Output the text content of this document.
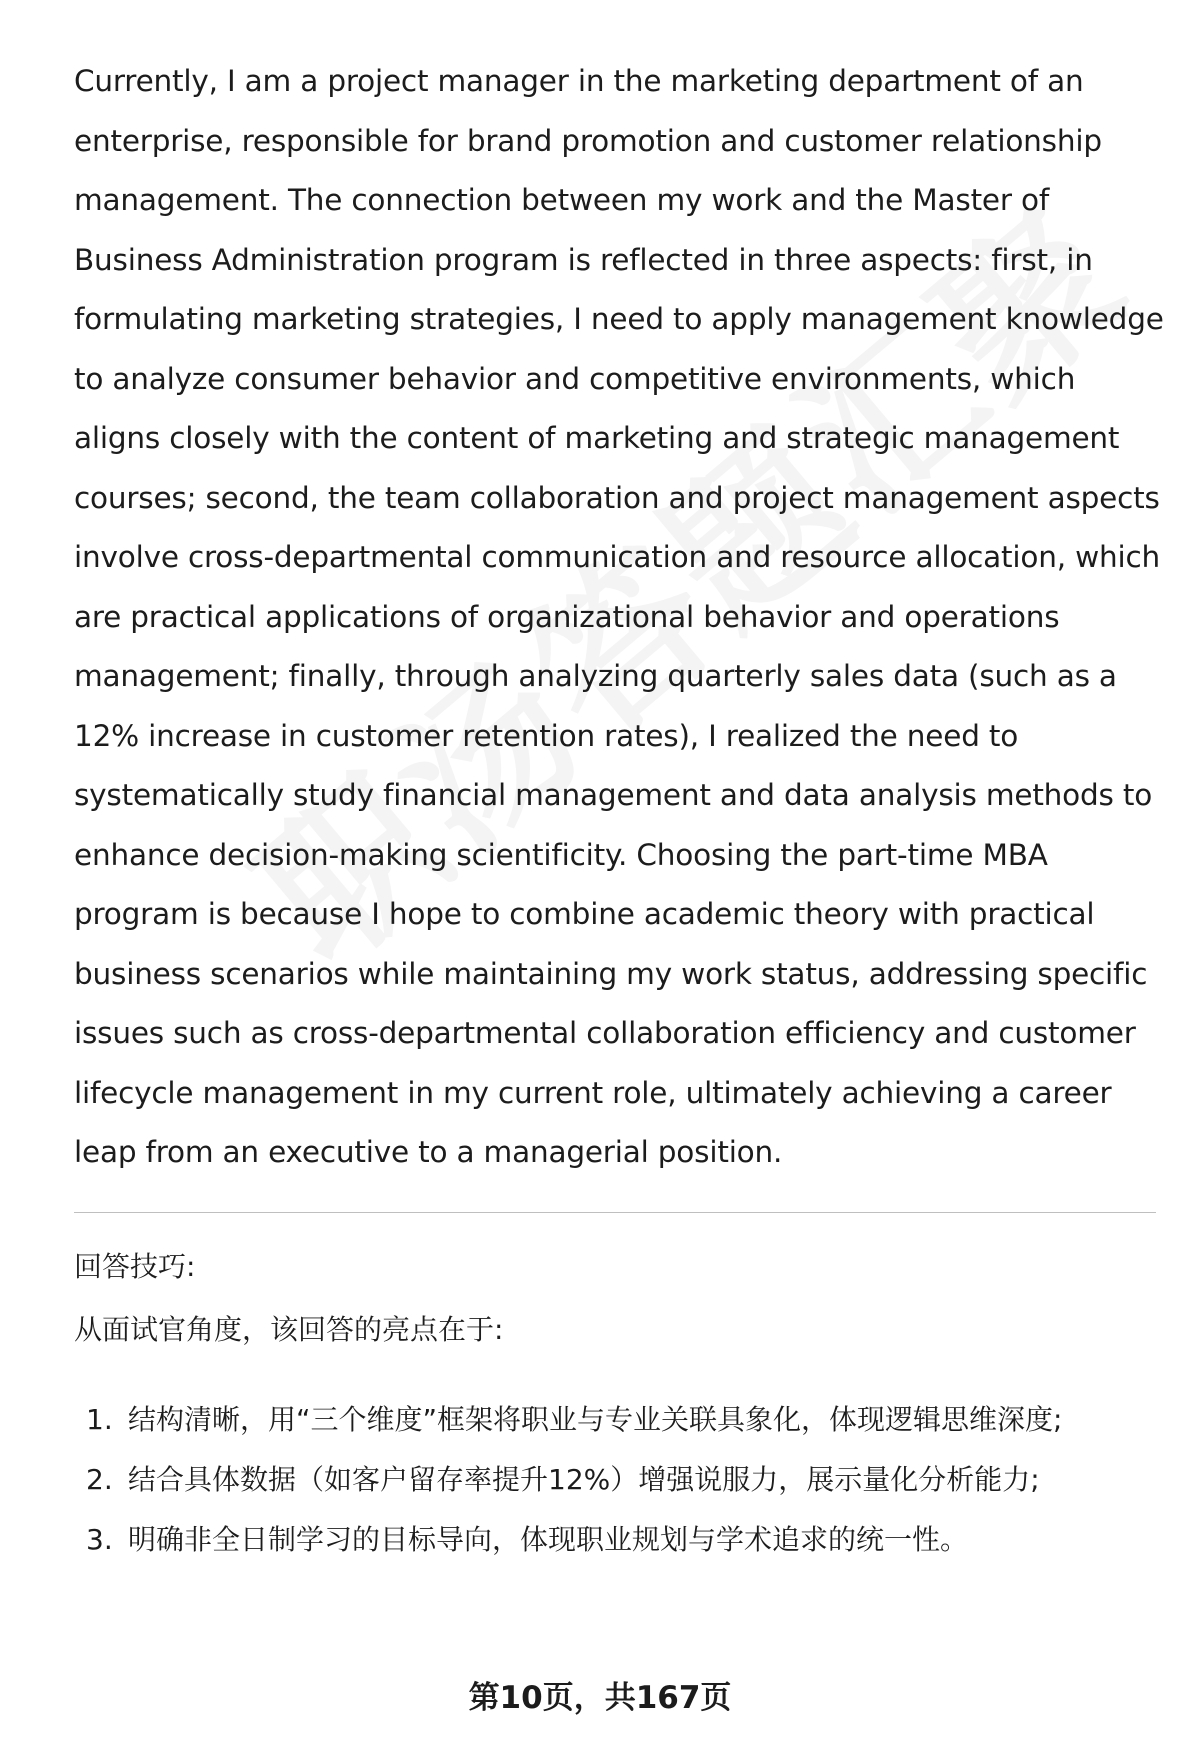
Currently, I am a project manager in the marketing department of an enterprise, responsible for brand promotion and customer relationship management. The connection between my work and the Master of Business Administration program is reflected in three aspects: first, in formulating marketing strategies, I need to apply management knowledge to analyze consumer behavior and competitive environments, which aligns closely with the content of marketing and strategic management courses; second, the team collaboration and project management aspects involve cross-departmental communication and resource allocation, which are practical applications of organizational behavior and operations management; finally, through analyzing quarterly sales data (such as a 12% increase in customer retention rates), I realized the need to systematically study financial management and data analysis methods to enhance decision-making scientificity. Choosing the part-time MBA program is because I hope to combine academic theory with practical business scenarios while maintaining my work status, addressing specific issues such as cross-departmental collaboration efficiency and customer lifecycle management in my current role, ultimately achieving a career leap from an executive to a managerial position.

回答技巧:

从面试官角度，该回答的亮点在于:

1. 结构清晰，用“三个维度”框架将职业与专业关联具象化，体现逻辑思维深度;
2. 结合具体数据（如客户留存率提升12%）增强说服力，展示量化分析能力;
3. 明确非全日制学习的目标导向，体现职业规划与学术追求的统一性。
第10页，共167页
